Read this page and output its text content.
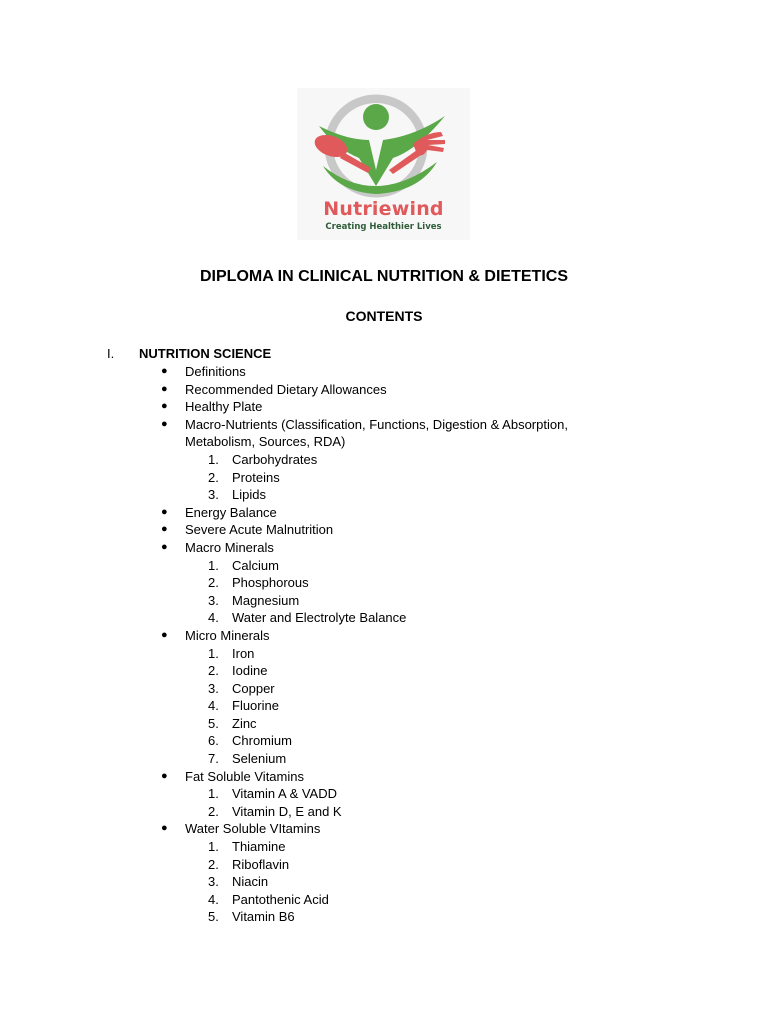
Nutriewind
Creating Healthier Lives
DIPLOMA IN CLINICAL NUTRITION & DIETETICS
CONTENTS
I. NUTRITION SCIENCE
●	Definitions
●	Recommended Dietary Allowances
●	Healthy Plate
●	Macro-Nutrients (Classification, Functions, Digestion & Absorption, Metabolism, Sources, RDA)
1. Carbohydrates
2. Proteins
3. Lipids
●	Energy Balance
●	Severe Acute Malnutrition
●	Macro Minerals
1. Calcium
2. Phosphorous
3. Magnesium
4. Water and Electrolyte Balance
●	Micro Minerals
1. Iron
2. Iodine
3. Copper
4. Fluorine
5. Zinc
6. Chromium
7. Selenium
●	Fat Soluble Vitamins
1. Vitamin A & VADD
2. Vitamin D, E and K
●	Water Soluble VItamins
1. Thiamine
2. Riboflavin
3. Niacin
4. Pantothenic Acid
5. Vitamin B6
